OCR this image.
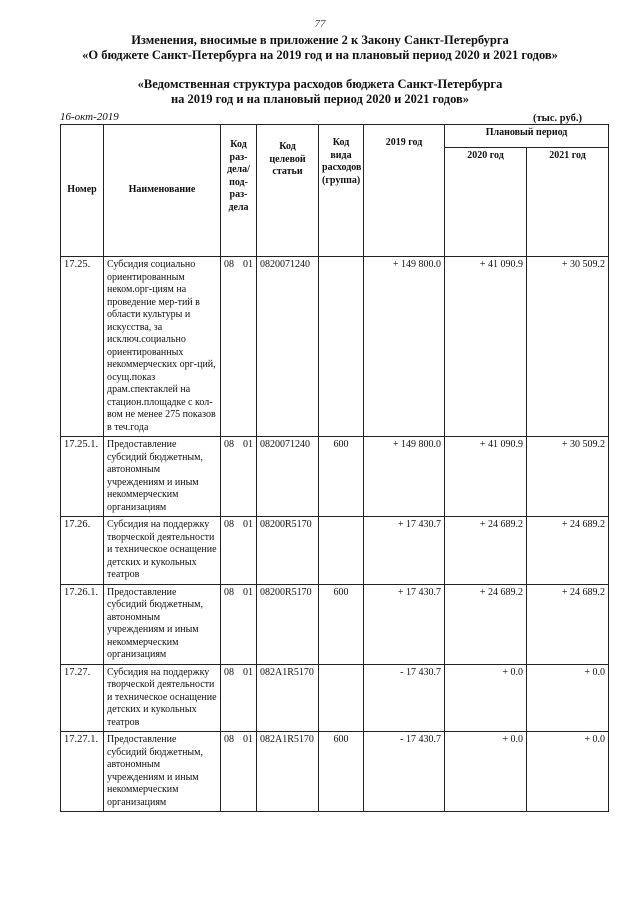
77
Изменения, вносимые в приложение 2 к Закону Санкт-Петербурга
«О бюджете Санкт-Петербурга на 2019 год и на плановый период 2020 и 2021 годов»
«Ведомственная структура расходов бюджета Санкт-Петербурга
на 2019 год и на плановый период 2020 и 2021 годов»
16-окт-2019	(тыс. руб.)
Номер	Наименование	Код раз-дела/ под-раз-дела		Код целевой статьи	Код вида расходов (группа)	2019 год	Плановый период	
							2020 год	2021 год
17.25.	Субсидия социально ориентированным неком.орг-циям на проведение мер-тий в области культуры и искусства, за исключ.социально ориентированных некоммерческих орг-ций, осущ.показ драм.спектаклей на стацион.площадке с кол-вом не менее 275 показов в теч.года	08	01	0820071240		+ 149 800.0	+ 41 090.9	+ 30 509.2
17.25.1.	Предоставление субсидий бюджетным, автономным учреждениям и иным некоммерческим организациям	08	01	0820071240	600	+ 149 800.0	+ 41 090.9	+ 30 509.2
17.26.	Субсидия на поддержку творческой деятельности и техническое оснащение детских и кукольных театров	08	01	08200R5170		+ 17 430.7	+ 24 689.2	+ 24 689.2
17.26.1.	Предоставление субсидий бюджетным, автономным учреждениям и иным некоммерческим организациям	08	01	08200R5170	600	+ 17 430.7	+ 24 689.2	+ 24 689.2
17.27.	Субсидия на поддержку творческой деятельности и техническое оснащение детских и кукольных театров	08	01	082A1R5170		- 17 430.7	+ 0.0	+ 0.0
17.27.1.	Предоставление субсидий бюджетным, автономным учреждениям и иным некоммерческим организациям	08	01	082A1R5170	600	- 17 430.7	+ 0.0	+ 0.0
